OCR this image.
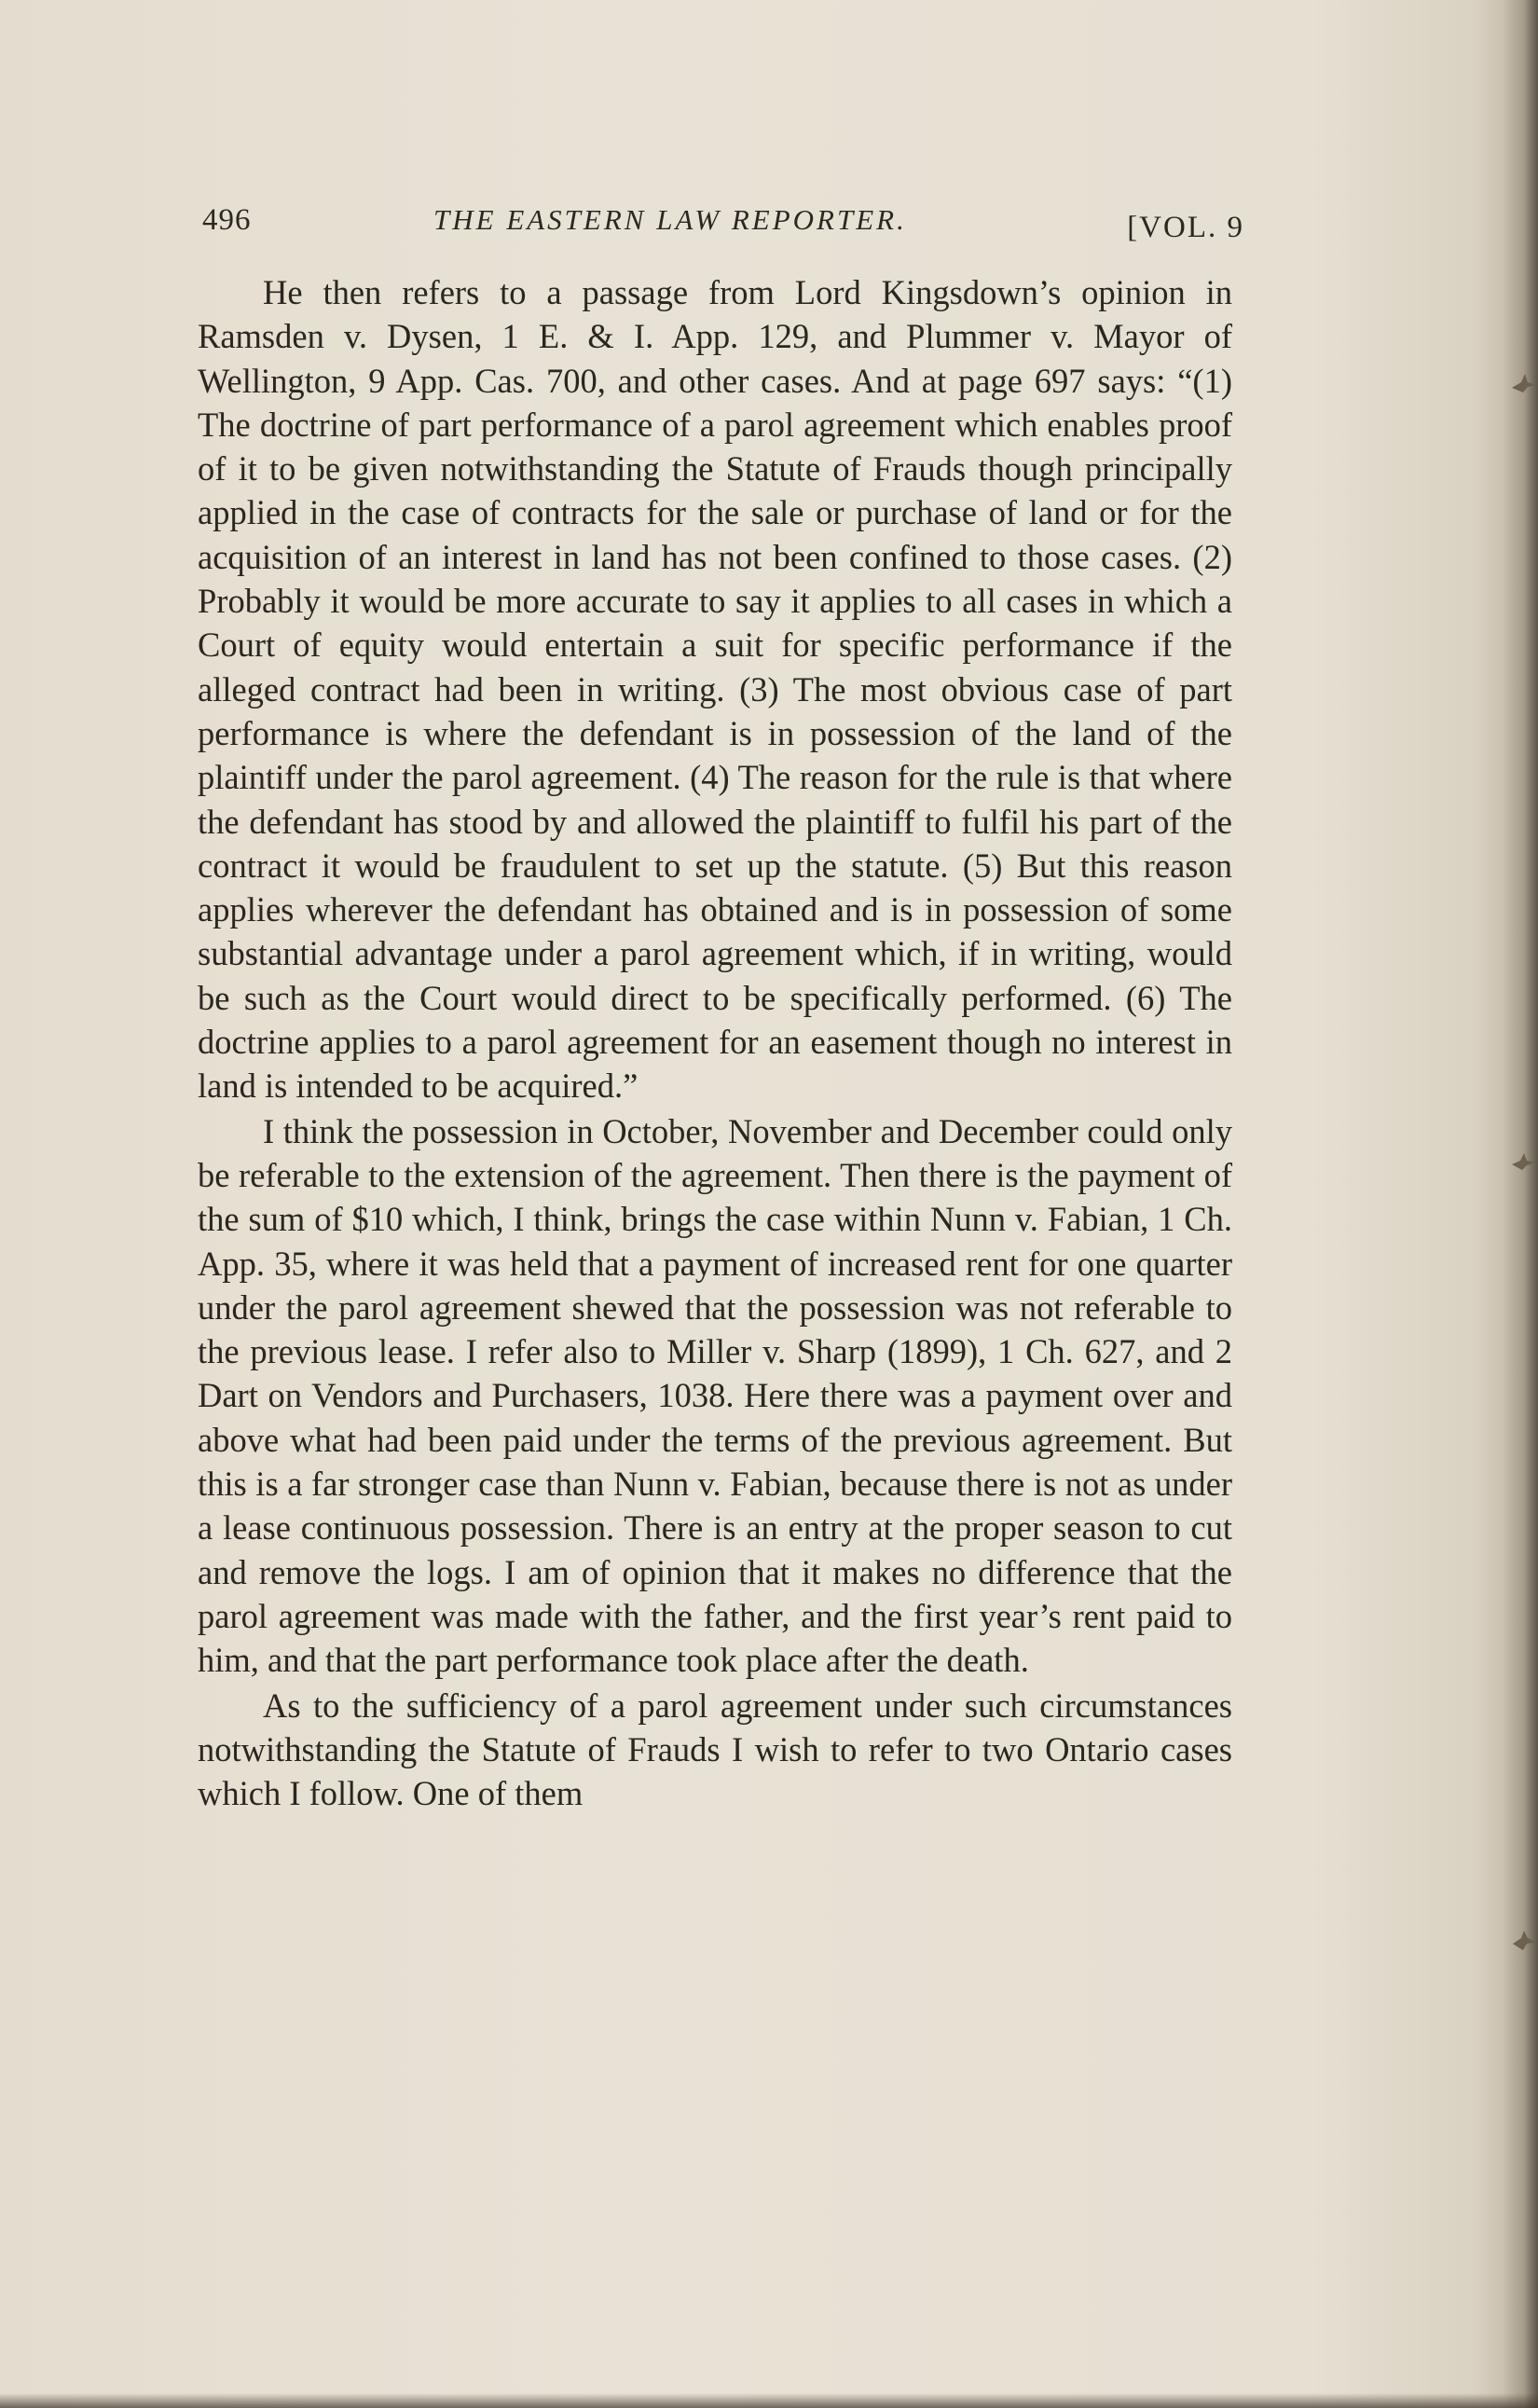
496	THE EASTERN LAW REPORTER.	[VOL. 9

He then refers to a passage from Lord Kingsdown’s opinion in Ramsden v. Dysen, 1 E. & I. App. 129, and Plummer v. Mayor of Wellington, 9 App. Cas. 700, and other cases. And at page 697 says: “(1) The doctrine of part performance of a parol agreement which enables proof of it to be given notwithstanding the Statute of Frauds though principally applied in the case of contracts for the sale or purchase of land or for the acquisition of an interest in land has not been confined to those cases. (2) Probably it would be more accurate to say it applies to all cases in which a Court of equity would entertain a suit for specific performance if the alleged contract had been in writing. (3) The most obvious case of part performance is where the defendant is in possession of the land of the plaintiff under the parol agreement. (4) The reason for the rule is that where the defendant has stood by and allowed the plaintiff to fulfil his part of the contract it would be fraudulent to set up the statute. (5) But this reason applies wherever the defendant has obtained and is in possession of some substantial advantage under a parol agreement which, if in writing, would be such as the Court would direct to be specifically performed. (6) The doctrine applies to a parol agreement for an easement though no interest in land is intended to be acquired.”

I think the possession in October, November and December could only be referable to the extension of the agreement. Then there is the payment of the sum of $10 which, I think, brings the case within Nunn v. Fabian, 1 Ch. App. 35, where it was held that a payment of increased rent for one quarter under the parol agreement shewed that the possession was not referable to the previous lease. I refer also to Miller v. Sharp (1899), 1 Ch. 627, and 2 Dart on Vendors and Purchasers, 1038. Here there was a payment over and above what had been paid under the terms of the previous agreement. But this is a far stronger case than Nunn v. Fabian, because there is not as under a lease continuous possession. There is an entry at the proper season to cut and remove the logs. I am of opinion that it makes no difference that the parol agreement was made with the father, and the first year’s rent paid to him, and that the part performance took place after the death.

As to the sufficiency of a parol agreement under such circumstances notwithstanding the Statute of Frauds I wish to refer to two Ontario cases which I follow. One of them
